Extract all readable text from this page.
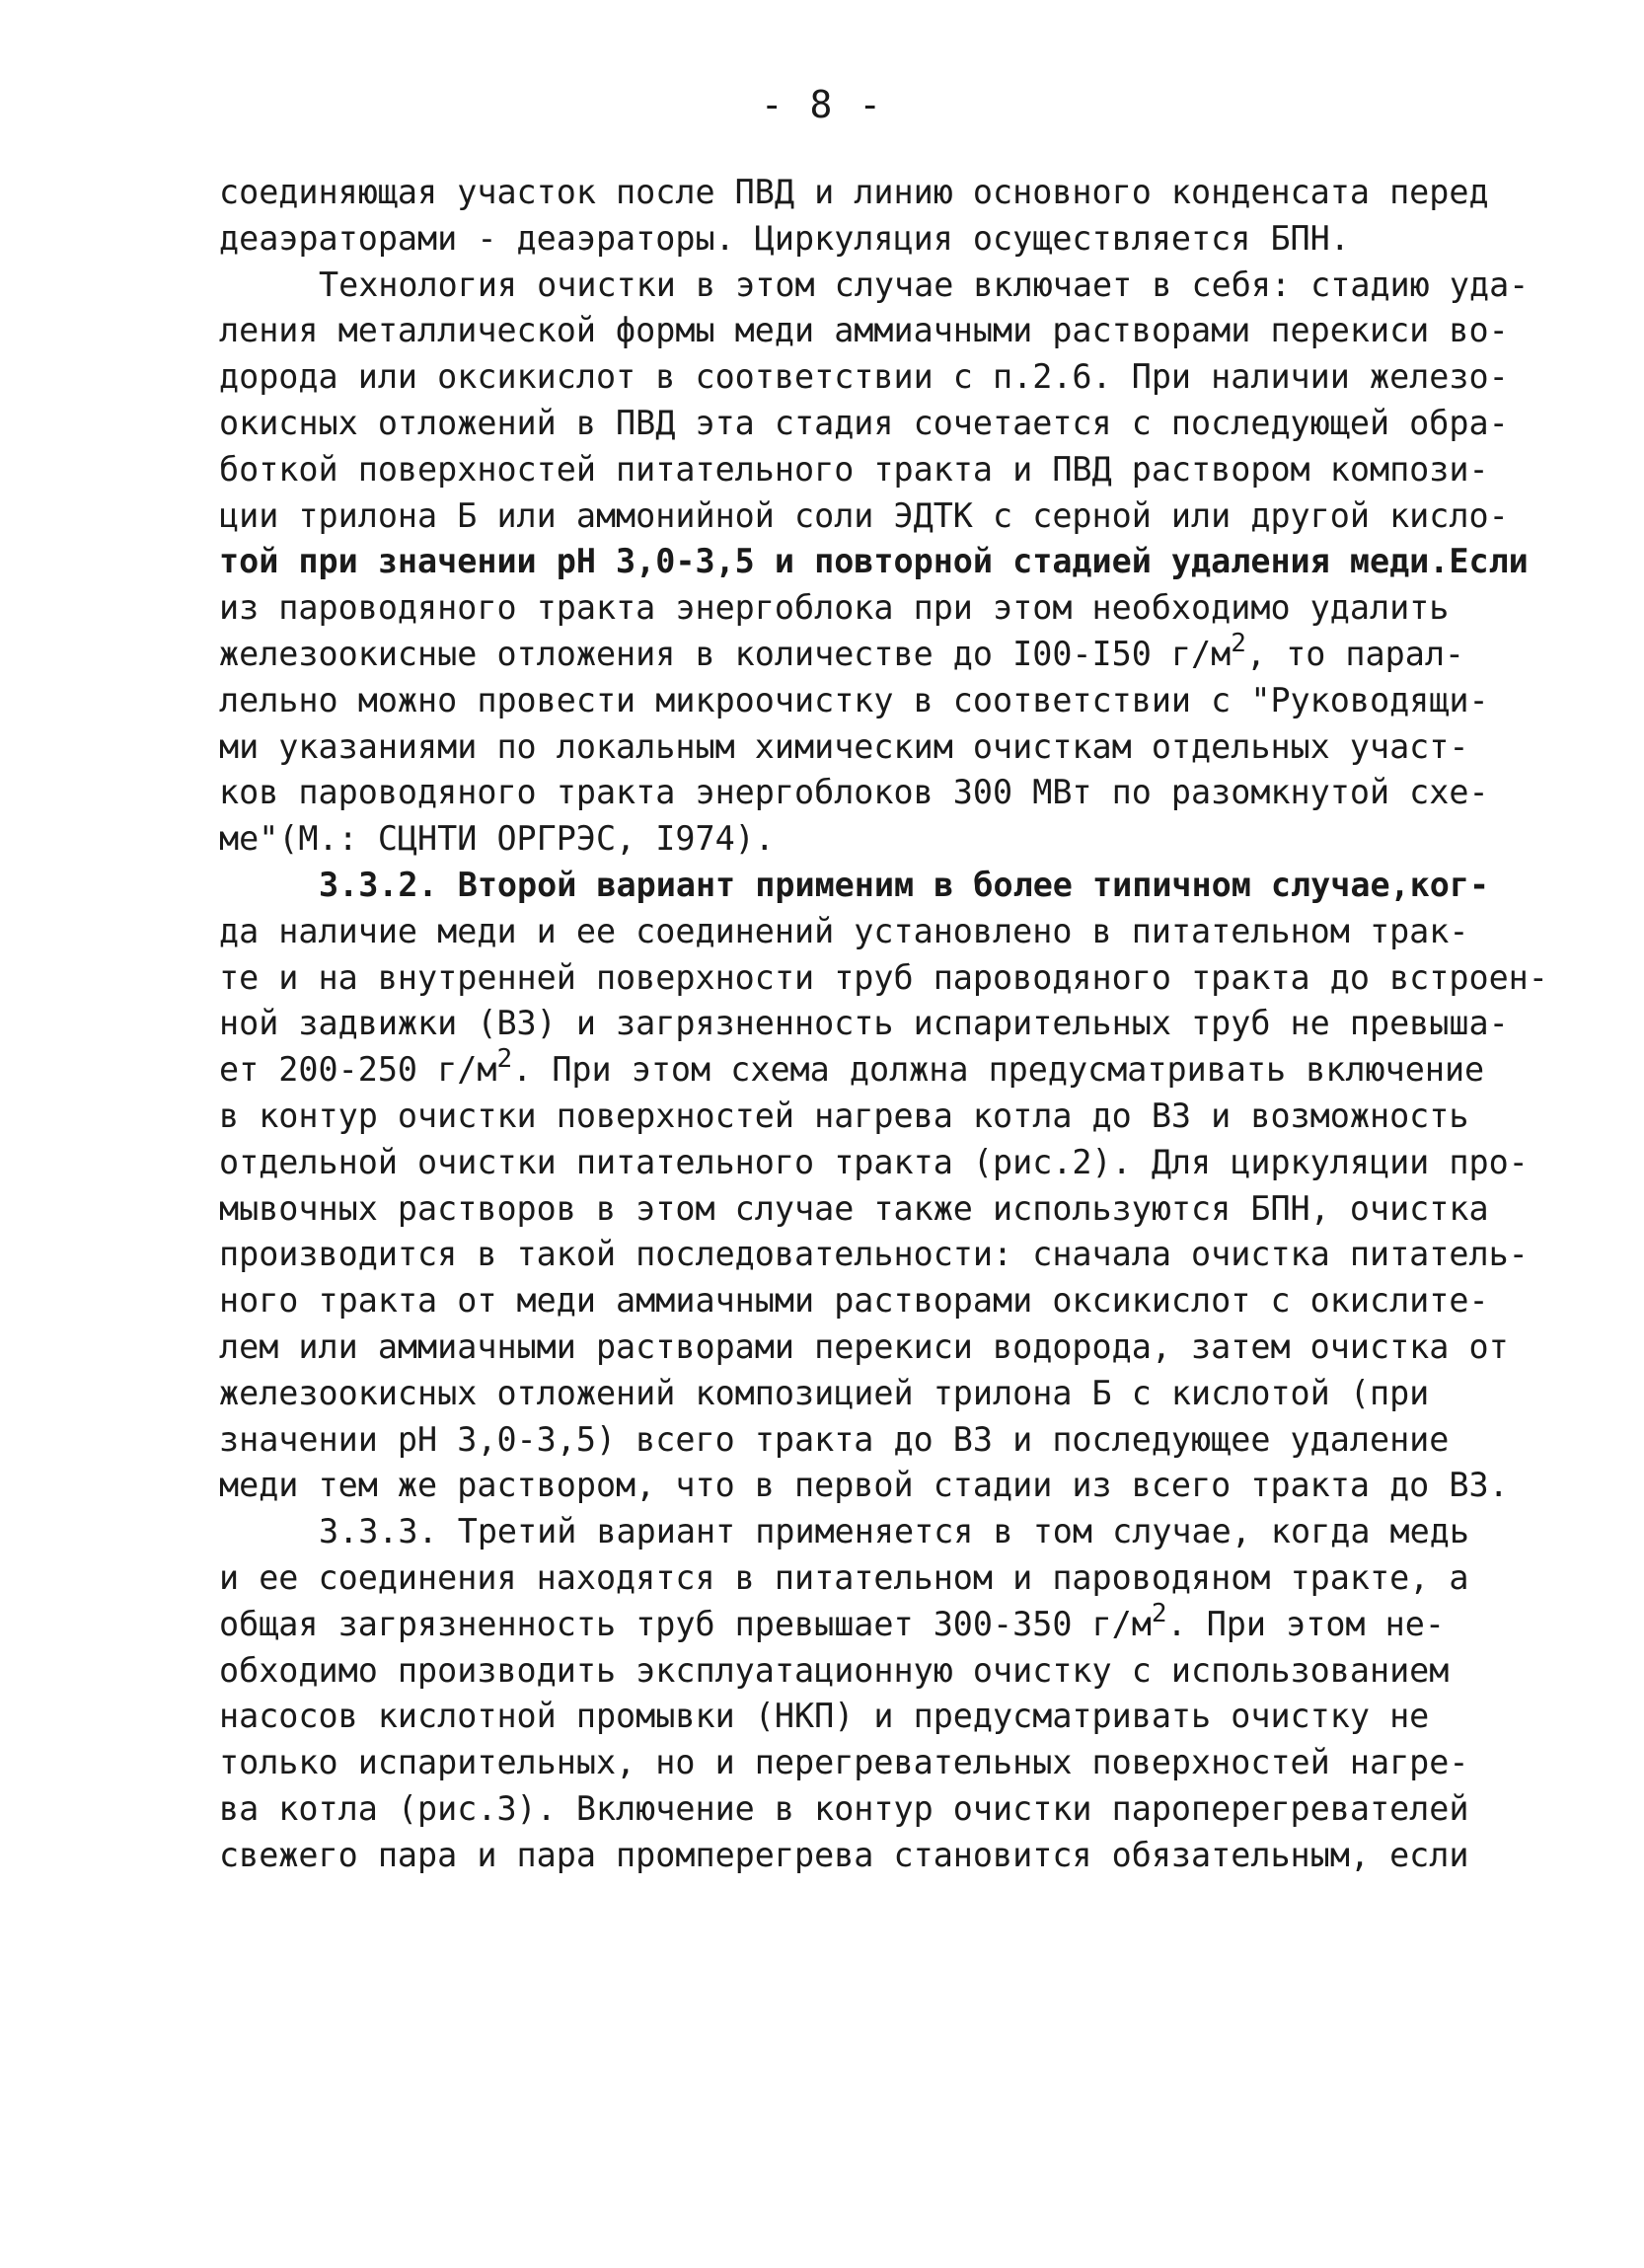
- 8 -
соединяющая участок после ПВД и линию основного конденсата перед
деаэраторами - деаэраторы. Циркуляция осуществляется БПН.
Технология очистки в этом случае включает в себя: стадию уда-
ления металлической формы меди аммиачными растворами перекиси во-
дорода или оксикислот в соответствии с п.2.6. При наличии железо-
окисных отложений в ПВД эта стадия сочетается с последующей обра-
боткой поверхностей питательного тракта и ПВД раствором компози-
ции трилона Б или аммонийной соли ЭДТК с серной или другой кисло-
той при значении pH 3,0-3,5 и повторной стадией удаления меди.Если
из пароводяного тракта энергоблока при этом необходимо удалить
железоокисные отложения в количестве до I00-I50 $г/м^2$, то парал-
лельно можно провести микроочистку в соответствии с "Руководящи-
ми указаниями по локальным химическим очисткам отдельных участ-
ков пароводяного тракта энергоблоков 300 МВт по разомкнутой схе-
ме"(М.: СЦНТИ ОРГРЭС, I974).
3.3.2. Второй вариант применим в более типичном случае,ког-
да наличие меди и ее соединений установлено в питательном трак-
те и на внутренней поверхности труб пароводяного тракта до встроен-
ной задвижки (ВЗ) и загрязненность испарительных труб не превыша-
ет 200-250 $г/м^2$. При этом схема должна предусматривать включение
в контур очистки поверхностей нагрева котла до ВЗ и возможность
отдельной очистки питательного тракта (рис.2). Для циркуляции про-
мывочных растворов в этом случае также используются БПН, очистка
производится в такой последовательности: сначала очистка питатель-
ного тракта от меди аммиачными растворами оксикислот с окислите-
лем или аммиачными растворами перекиси водорода, затем очистка от
железоокисных отложений композицией трилона Б с кислотой (при
значении pH 3,0-3,5) всего тракта до ВЗ и последующее удаление
меди тем же раствором, что в первой стадии из всего тракта до ВЗ.
3.3.3. Третий вариант применяется в том случае, когда медь
и ее соединения находятся в питательном и пароводяном тракте, а
общая загрязненность труб превышает 300-350 $г/м^2$. При этом не-
обходимо производить эксплуатационную очистку с использованием
насосов кислотной промывки (НКП) и предусматривать очистку не
только испарительных, но и перегревательных поверхностей нагре-
ва котла (рис.3). Включение в контур очистки пароперегревателей
свежего пара и пара промперегрева становится обязательным, если
